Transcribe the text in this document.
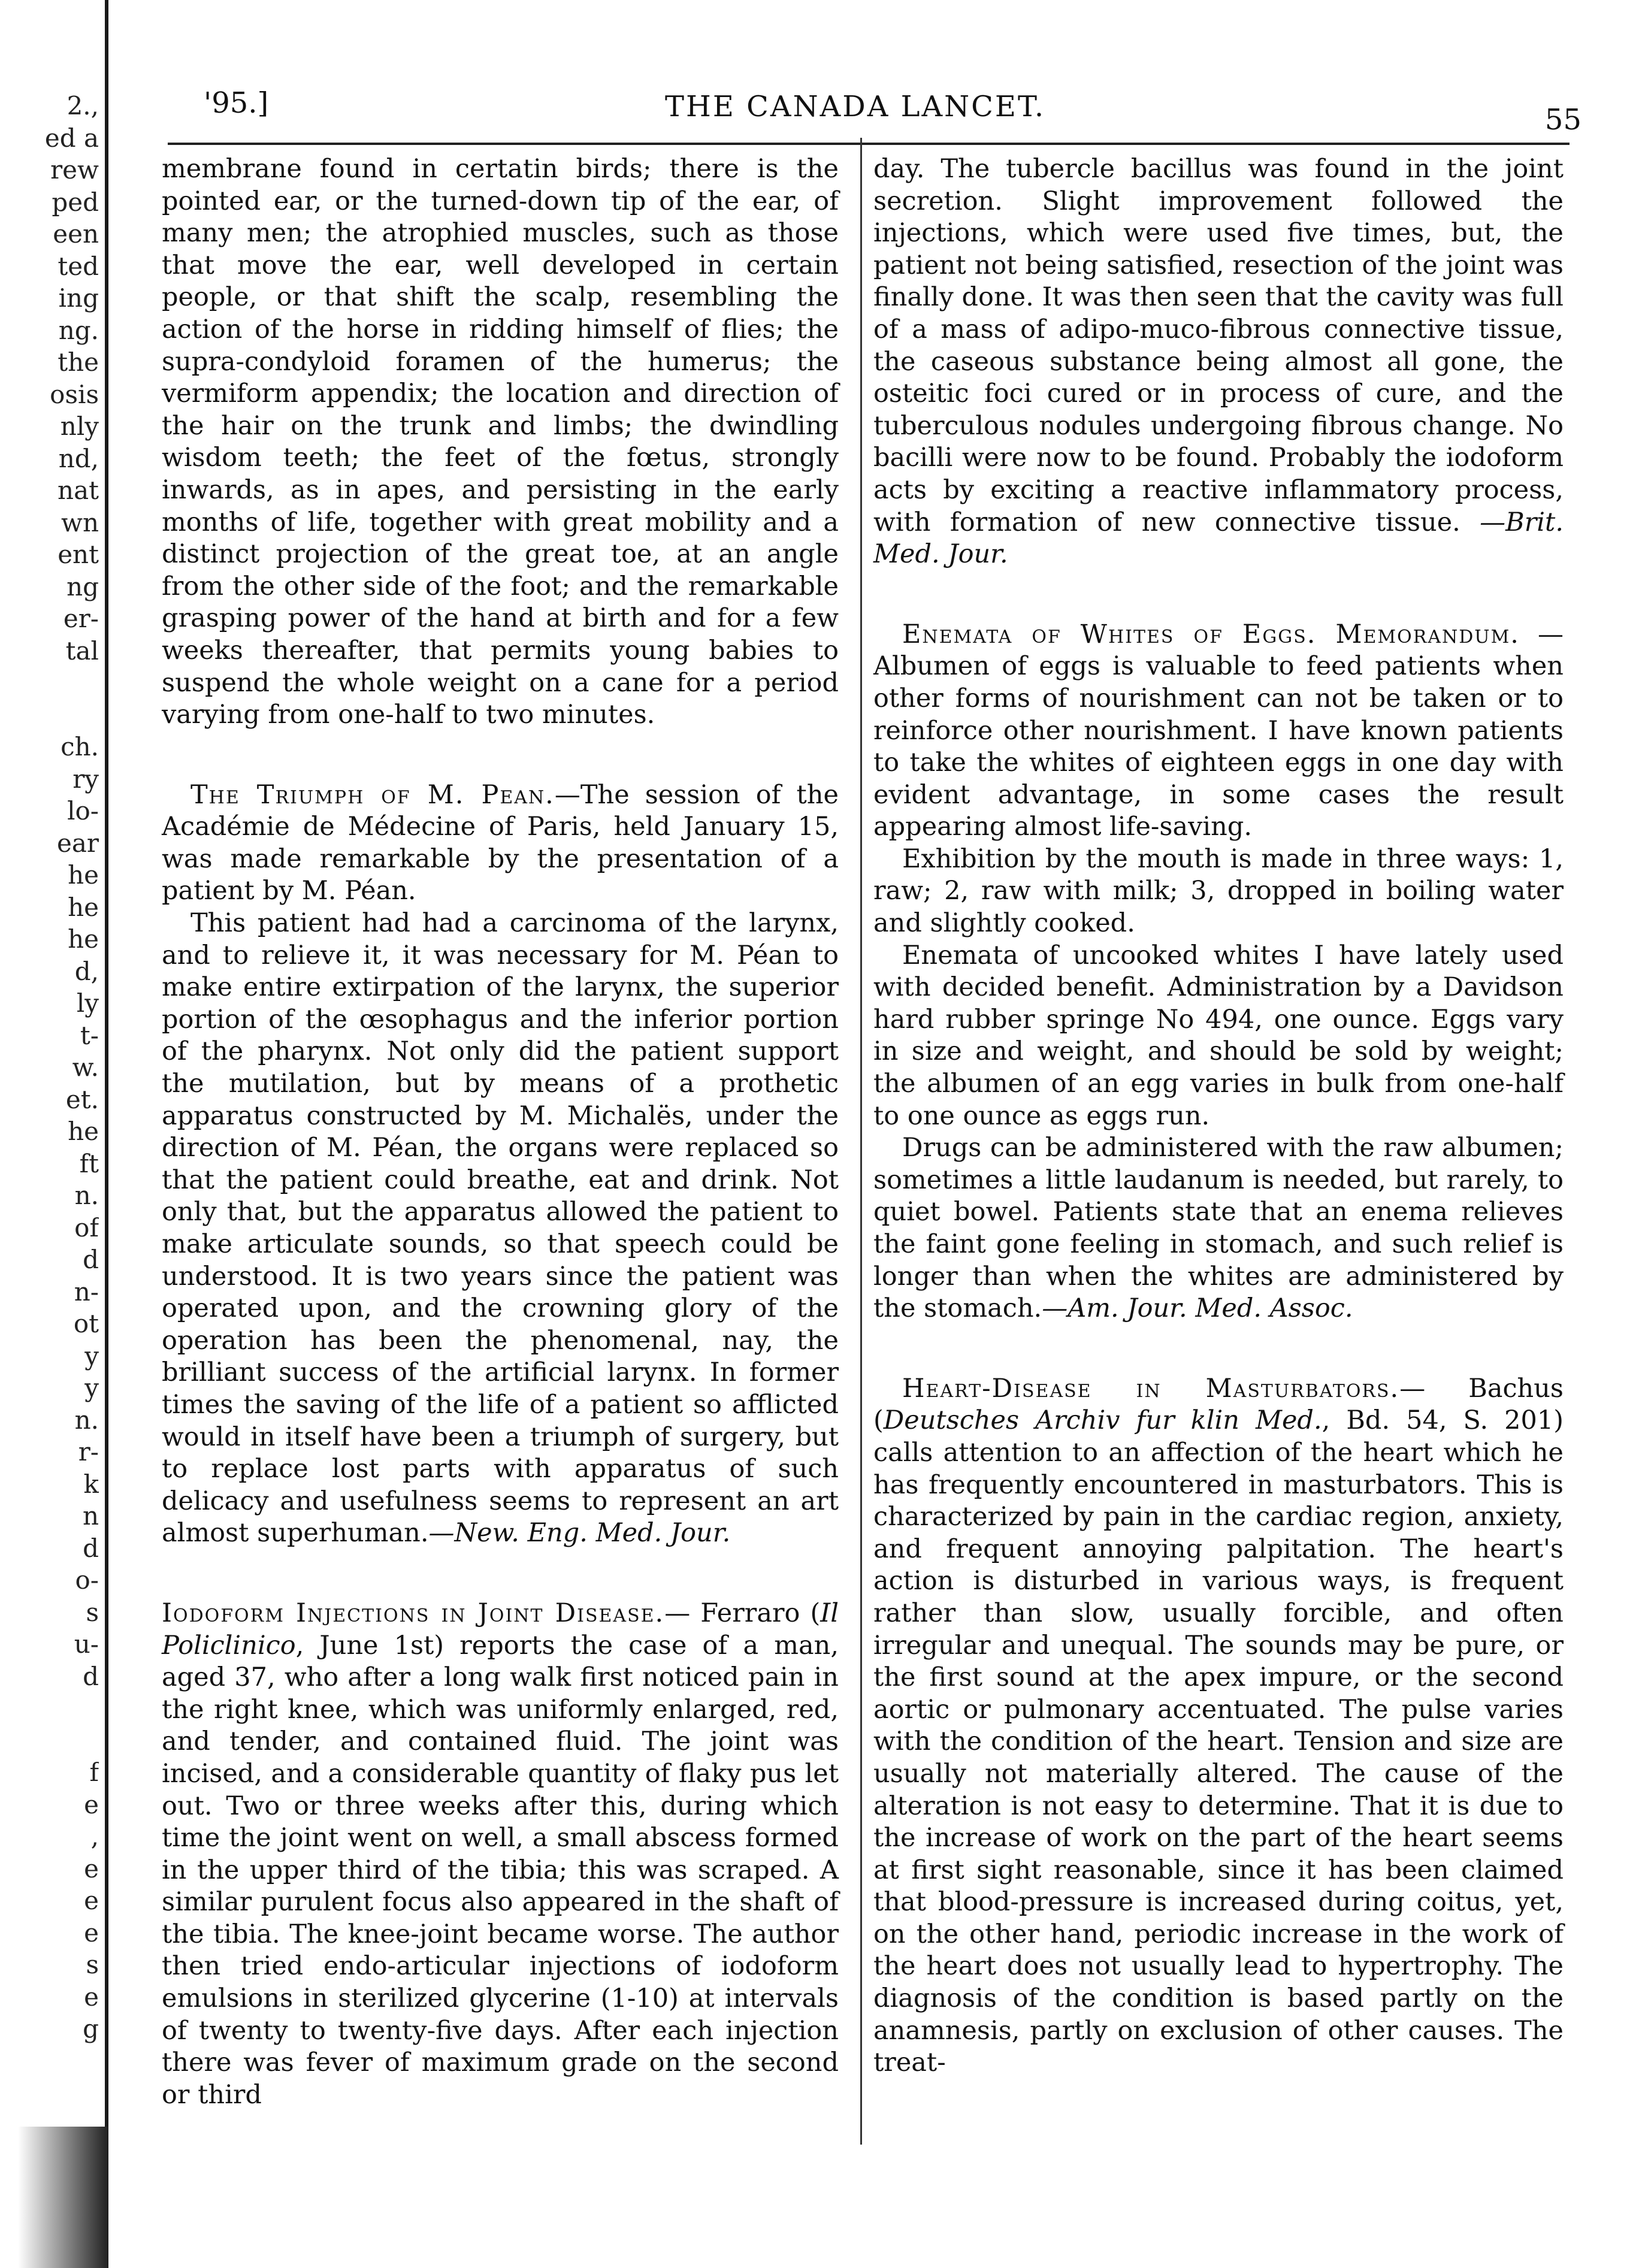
2.,
ed a
rew
ped
een
ted
ing
ng.
the
osis
nly
nd,
nat
wn
ent
ng
er-
tal
ch.
ry
lo-
ear
he
he
he
d,
ly
t-
w.
et.
he
ft
n.
of
d
n-
ot
y
y
n.
r-
k
n
d
o-
s
u-
d
f
e
,
e
e
e
s
e
g
'95.]	THE CANADA LANCET.	55

membrane found in certatin birds; there is the pointed ear, or the turned-down tip of the ear, of many men; the atrophied muscles, such as those that move the ear, well developed in certain people, or that shift the scalp, resembling the action of the horse in ridding himself of flies; the supra-condyloid foramen of the humerus; the vermiform appendix; the location and direction of the hair on the trunk and limbs; the dwindling wisdom teeth; the feet of the fœtus, strongly inwards, as in apes, and persisting in the early months of life, together with great mobility and a distinct projection of the great toe, at an angle from the other side of the foot; and the remarkable grasping power of the hand at birth and for a few weeks thereafter, that permits young babies to suspend the whole weight on a cane for a period varying from one-half to two minutes.

The Triumph of M. Pean.—The session of the Académie de Médecine of Paris, held January 15, was made remarkable by the presentation of a patient by M. Péan.

This patient had had a carcinoma of the larynx, and to relieve it, it was necessary for M. Péan to make entire extirpation of the larynx, the superior portion of the œsophagus and the inferior portion of the pharynx. Not only did the patient support the mutilation, but by means of a prothetic apparatus constructed by M. Michalës, under the direction of M. Péan, the organs were replaced so that the patient could breathe, eat and drink. Not only that, but the apparatus allowed the patient to make articulate sounds, so that speech could be understood. It is two years since the patient was operated upon, and the crowning glory of the operation has been the phenomenal, nay, the brilliant success of the artificial larynx. In former times the saving of the life of a patient so afflicted would in itself have been a triumph of surgery, but to replace lost parts with apparatus of such delicacy and usefulness seems to represent an art almost superhuman.—New. Eng. Med. Jour.

Iodoform Injections in Joint Disease.— Ferraro (Il Policlinico, June 1st) reports the case of a man, aged 37, who after a long walk first noticed pain in the right knee, which was uniformly enlarged, red, and tender, and contained fluid. The joint was incised, and a considerable quantity of flaky pus let out. Two or three weeks after this, during which time the joint went on well, a small abscess formed in the upper third of the tibia; this was scraped. A similar purulent focus also appeared in the shaft of the tibia. The knee-joint became worse. The author then tried endo-articular injections of iodoform emulsions in sterilized glycerine (1-10) at intervals of twenty to twenty-five days. After each injection there was fever of maximum grade on the second or third

day. The tubercle bacillus was found in the joint secretion. Slight improvement followed the injections, which were used five times, but, the patient not being satisfied, resection of the joint was finally done. It was then seen that the cavity was full of a mass of adipo-muco-fibrous connective tissue, the caseous substance being almost all gone, the osteitic foci cured or in process of cure, and the tuberculous nodules undergoing fibrous change. No bacilli were now to be found. Probably the iodoform acts by exciting a reactive inflammatory process, with formation of new connective tissue. —Brit. Med. Jour.

Enemata of Whites of Eggs. Memorandum. —Albumen of eggs is valuable to feed patients when other forms of nourishment can not be taken or to reinforce other nourishment. I have known patients to take the whites of eighteen eggs in one day with evident advantage, in some cases the result appearing almost life-saving.

Exhibition by the mouth is made in three ways: 1, raw; 2, raw with milk; 3, dropped in boiling water and slightly cooked.

Enemata of uncooked whites I have lately used with decided benefit. Administration by a Davidson hard rubber springe No 494, one ounce. Eggs vary in size and weight, and should be sold by weight; the albumen of an egg varies in bulk from one-half to one ounce as eggs run.

Drugs can be administered with the raw albumen; sometimes a little laudanum is needed, but rarely, to quiet bowel. Patients state that an enema relieves the faint gone feeling in stomach, and such relief is longer than when the whites are administered by the stomach.—Am. Jour. Med. Assoc.

Heart-Disease in Masturbators.— Bachus (Deutsches Archiv fur klin Med., Bd. 54, S. 201) calls attention to an affection of the heart which he has frequently encountered in masturbators. This is characterized by pain in the cardiac region, anxiety, and frequent annoying palpitation. The heart's action is disturbed in various ways, is frequent rather than slow, usually forcible, and often irregular and unequal. The sounds may be pure, or the first sound at the apex impure, or the second aortic or pulmonary accentuated. The pulse varies with the condition of the heart. Tension and size are usually not materially altered. The cause of the alteration is not easy to determine. That it is due to the increase of work on the part of the heart seems at first sight reasonable, since it has been claimed that blood-pressure is increased during coitus, yet, on the other hand, periodic increase in the work of the heart does not usually lead to hypertrophy. The diagnosis of the condition is based partly on the anamnesis, partly on exclusion of other causes. The treat-
